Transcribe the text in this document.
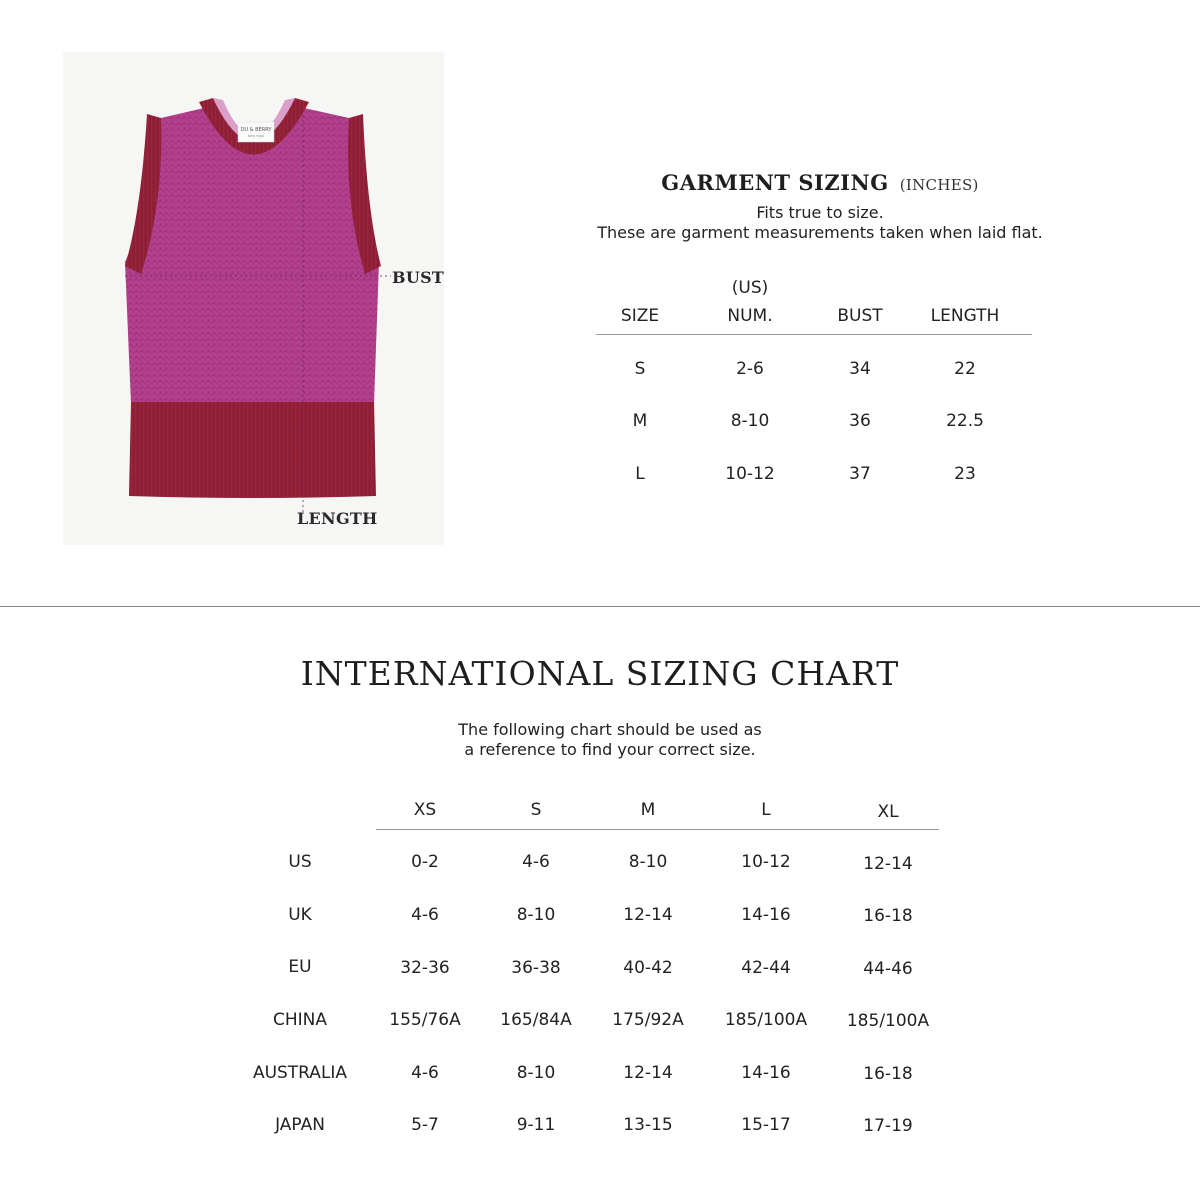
DU & BERRY
NEW YORK
BUST
LENGTH
GARMENT SIZING (INCHES)
Fits true to size.
These are garment measurements taken when laid flat.
(US)
SIZE	NUM.	BUST	LENGTH
S	2-6	34	22
M	8-10	36	22.5
L	10-12	37	23
INTERNATIONAL SIZING CHART
The following chart should be used as
a reference to find your correct size.
XS	S	M	L	XL
US	0-2	4-6	8-10	10-12	12-14
UK	4-6	8-10	12-14	14-16	16-18
EU	32-36	36-38	40-42	42-44	44-46
CHINA	155/76A 165/84A 175/92A 185/100A 185/100A
AUSTRALIA	4-6	8-10	12-14	14-16	16-18
JAPAN	5-7	9-11	13-15	15-17	17-19
